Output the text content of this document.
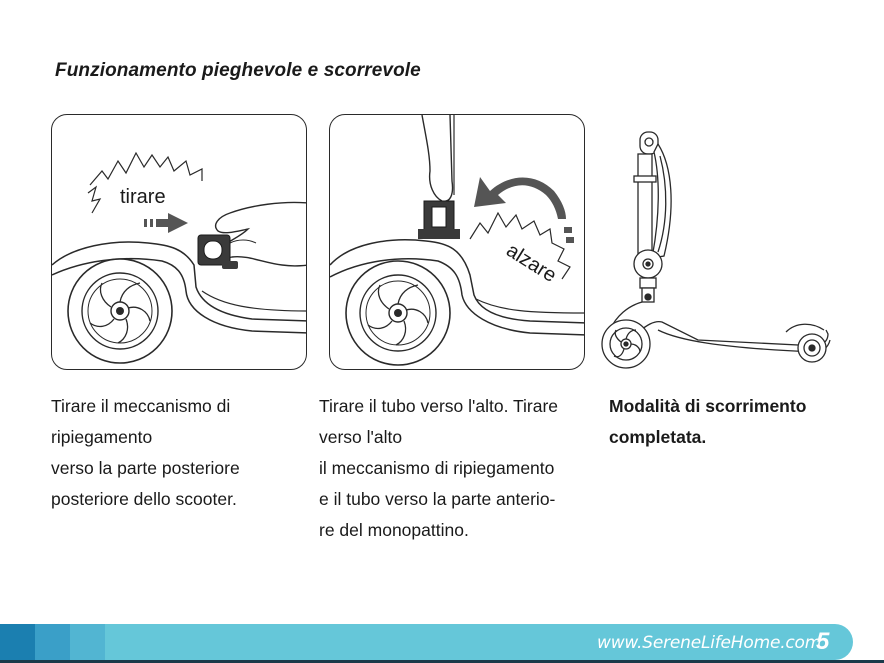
Funzionamento pieghevole e scorrevole
tirare
alzare
Tirare il meccanismo di
ripiegamento
verso la parte posteriore
posteriore dello scooter.
Tirare il tubo verso l'alto. Tirare
verso l'alto
il meccanismo di ripiegamento
e il tubo verso la parte anterio-
re del monopattino.
Modalità di scorrimento
completata.
www.SereneLifeHome.com
5
